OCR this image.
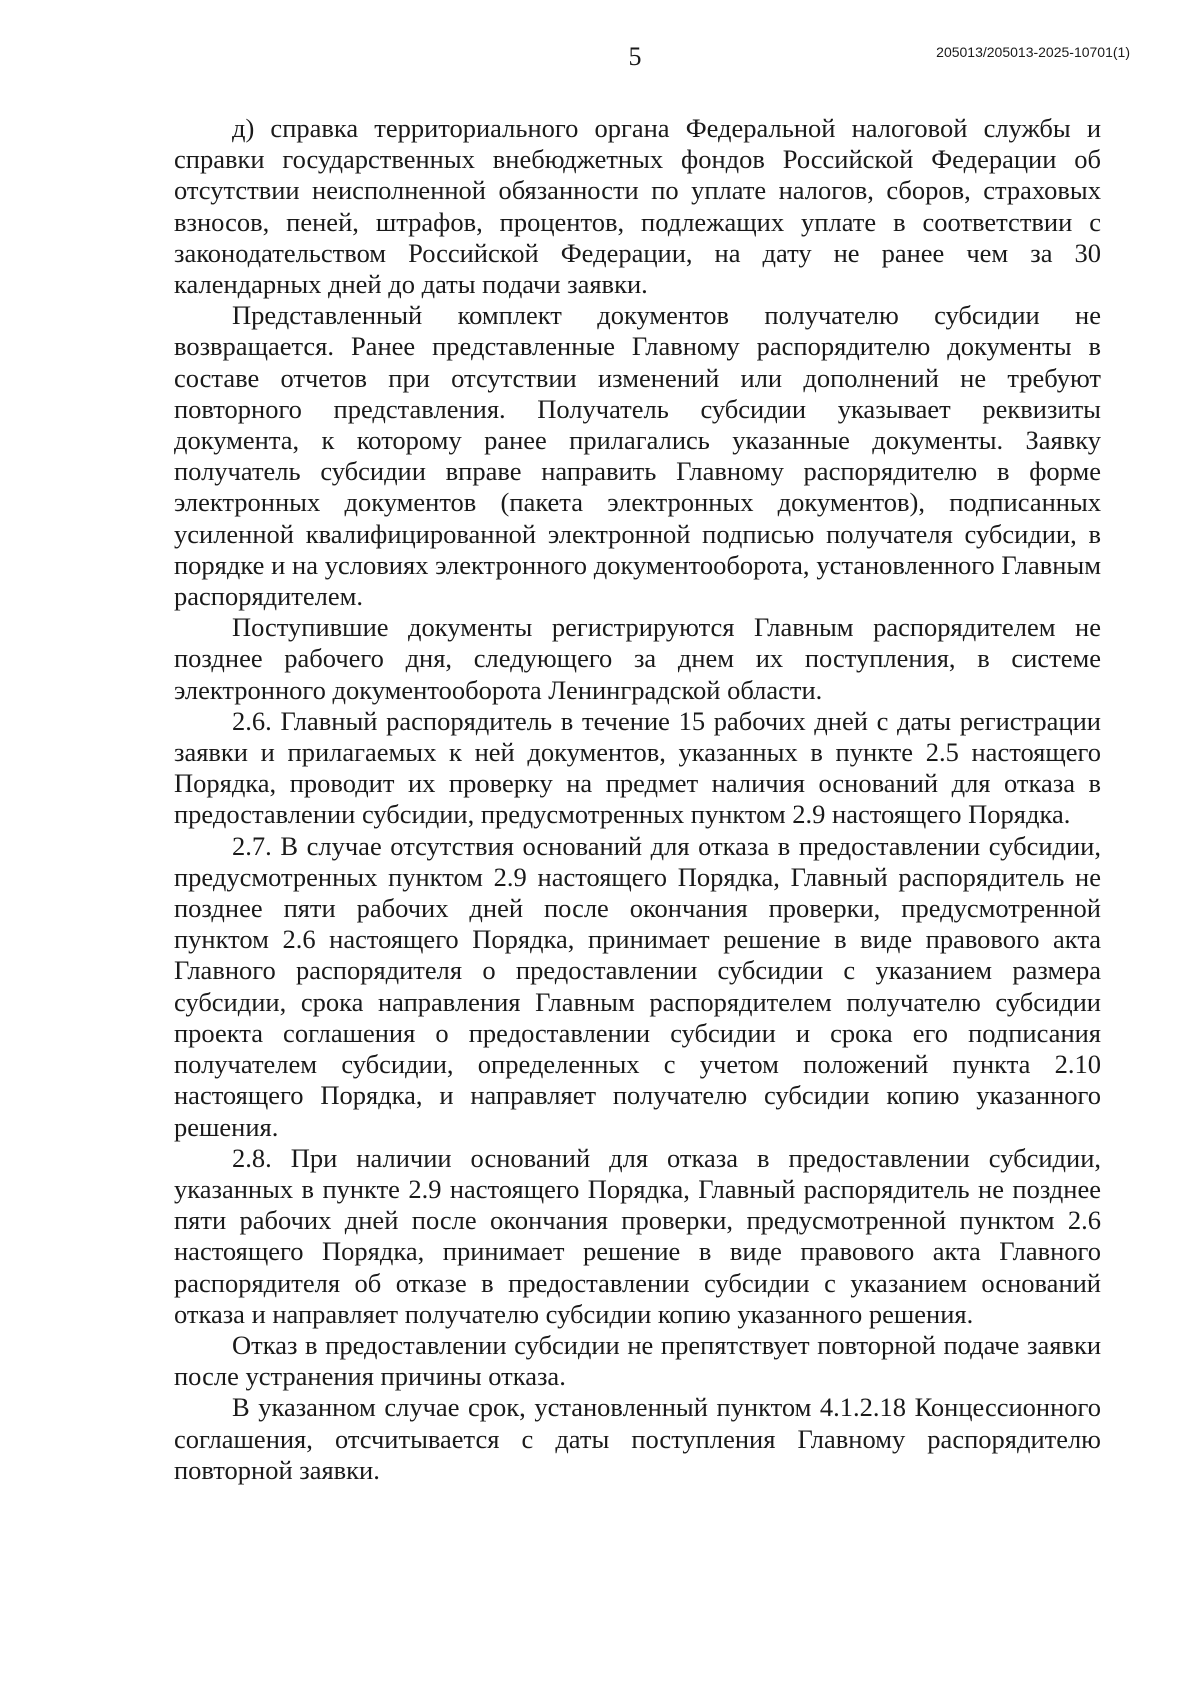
5	205013/205013-2025-10701(1)

д) справка территориального органа Федеральной налоговой службы и справки государственных внебюджетных фондов Российской Федерации об отсутствии неисполненной обязанности по уплате налогов, сборов, страховых взносов, пеней, штрафов, процентов, подлежащих уплате в соответствии с законодательством Российской Федерации, на дату не ранее чем за 30 календарных дней до даты подачи заявки.

Представленный комплект документов получателю субсидии не возвращается. Ранее представленные Главному распорядителю документы в составе отчетов при отсутствии изменений или дополнений не требуют повторного представления. Получатель субсидии указывает реквизиты документа, к которому ранее прилагались указанные документы. Заявку получатель субсидии вправе направить Главному распорядителю в форме электронных документов (пакета электронных документов), подписанных усиленной квалифицированной электронной подписью получателя субсидии, в порядке и на условиях электронного документооборота, установленного Главным распорядителем.

Поступившие документы регистрируются Главным распорядителем не позднее рабочего дня, следующего за днем их поступления, в системе электронного документооборота Ленинградской области.

2.6. Главный распорядитель в течение 15 рабочих дней с даты регистрации заявки и прилагаемых к ней документов, указанных в пункте 2.5 настоящего Порядка, проводит их проверку на предмет наличия оснований для отказа в предоставлении субсидии, предусмотренных пунктом 2.9 настоящего Порядка.

2.7. В случае отсутствия оснований для отказа в предоставлении субсидии, предусмотренных пунктом 2.9 настоящего Порядка, Главный распорядитель не позднее пяти рабочих дней после окончания проверки, предусмотренной пунктом 2.6 настоящего Порядка, принимает решение в виде правового акта Главного распорядителя о предоставлении субсидии с указанием размера субсидии, срока направления Главным распорядителем получателю субсидии проекта соглашения о предоставлении субсидии и срока его подписания получателем субсидии, определенных с учетом положений пункта 2.10 настоящего Порядка, и направляет получателю субсидии копию указанного решения.

2.8. При наличии оснований для отказа в предоставлении субсидии, указанных в пункте 2.9 настоящего Порядка, Главный распорядитель не позднее пяти рабочих дней после окончания проверки, предусмотренной пунктом 2.6 настоящего Порядка, принимает решение в виде правового акта Главного распорядителя об отказе в предоставлении субсидии с указанием оснований отказа и направляет получателю субсидии копию указанного решения.

Отказ в предоставлении субсидии не препятствует повторной подаче заявки после устранения причины отказа.

В указанном случае срок, установленный пунктом 4.1.2.18 Концессионного соглашения, отсчитывается с даты поступления Главному распорядителю повторной заявки.
